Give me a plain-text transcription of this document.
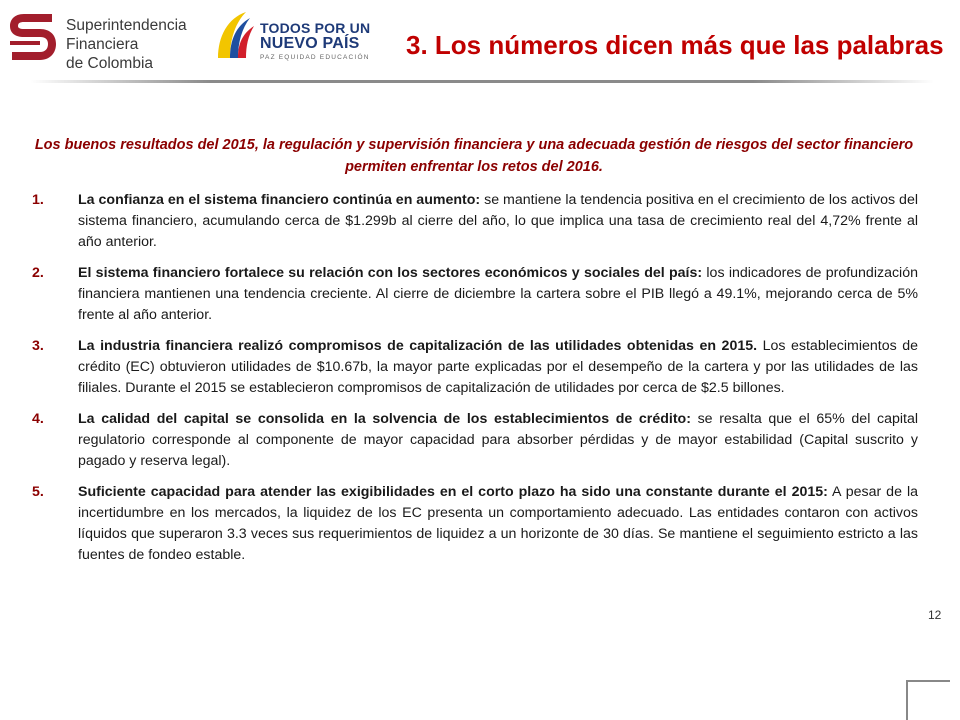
Superintendencia
Financiera
de Colombia
TODOS POR UN
NUEVO PAÍS
PAZ EQUIDAD EDUCACIÓN 3. Los números dicen más que las palabras
Los buenos resultados del 2015, la regulación y supervisión financiera y una adecuada gestión de riesgos del sector financiero permiten enfrentar los retos del 2016.
1. La confianza en el sistema financiero continúa en aumento: se mantiene la tendencia positiva en el crecimiento de los activos del sistema financiero, acumulando cerca de $1.299b al cierre del año, lo que implica una tasa de crecimiento real del 4,72% frente al año anterior.
2. El sistema financiero fortalece su relación con los sectores económicos y sociales del país: los indicadores de profundización financiera mantienen una tendencia creciente. Al cierre de diciembre la cartera sobre el PIB llegó a 49.1%, mejorando cerca de 5% frente al año anterior.
3. La industria financiera realizó compromisos de capitalización de las utilidades obtenidas en 2015. Los establecimientos de crédito (EC) obtuvieron utilidades de $10.67b, la mayor parte explicadas por el desempeño de la cartera y por las utilidades de las filiales. Durante el 2015 se establecieron compromisos de capitalización de utilidades por cerca de $2.5 billones.
4. La calidad del capital se consolida en la solvencia de los establecimientos de crédito: se resalta que el 65% del capital regulatorio corresponde al componente de mayor capacidad para absorber pérdidas y de mayor estabilidad (Capital suscrito y pagado y reserva legal).
5. Suficiente capacidad para atender las exigibilidades en el corto plazo ha sido una constante durante el 2015: A pesar de la incertidumbre en los mercados, la liquidez de los EC presenta un comportamiento adecuado. Las entidades contaron con activos líquidos que superaron 3.3 veces sus requerimientos de liquidez a un horizonte de 30 días. Se mantiene el seguimiento estricto a las fuentes de fondeo estable.
12
